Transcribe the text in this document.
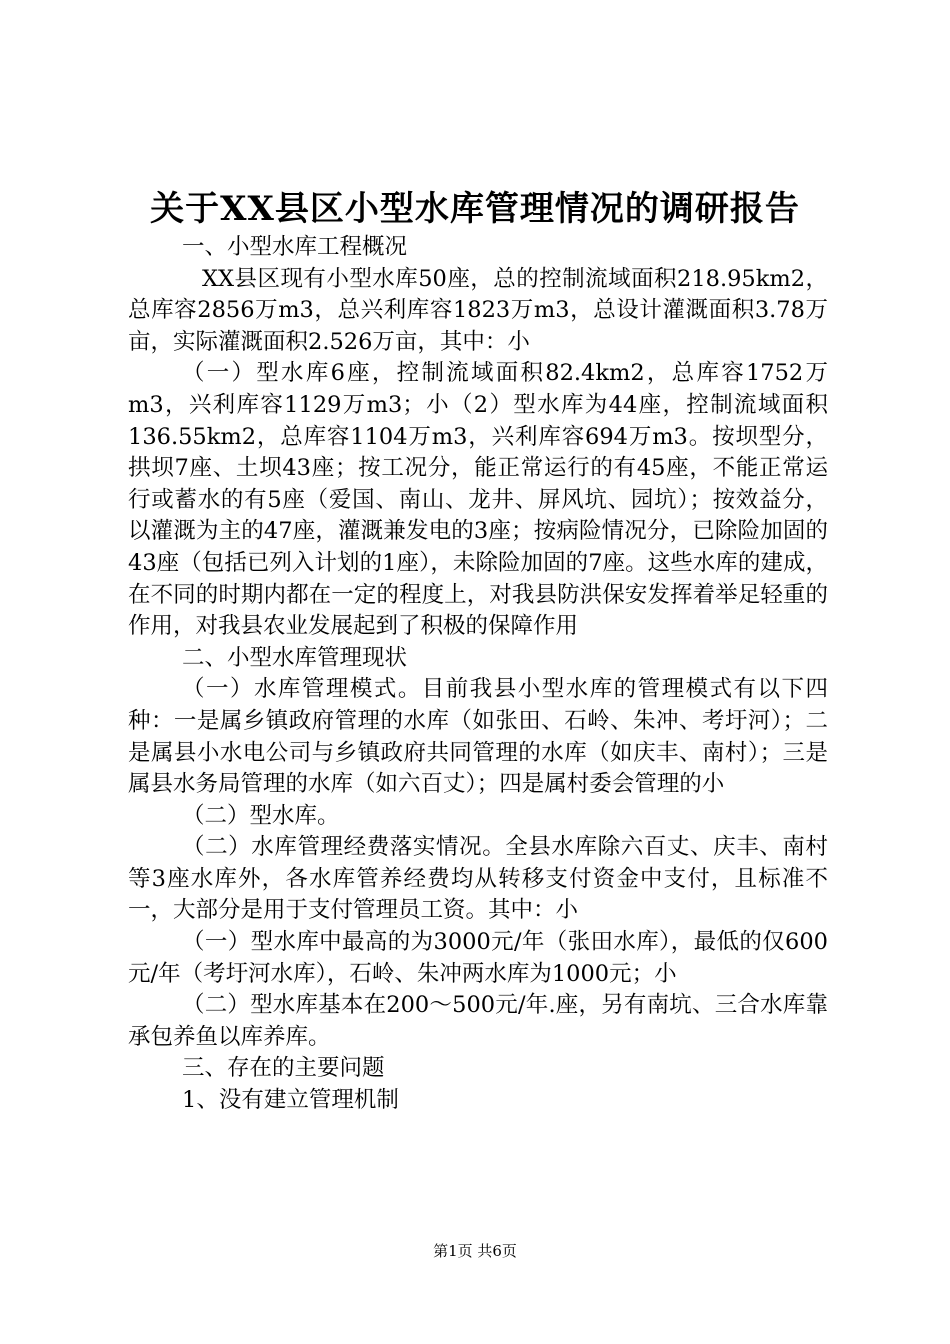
关于XX县区小型水库管理情况的调研报告

一、小型水库工程概况

XX县区现有小型水库50座，总的控制流域面积218.95km2，总库容2856万m3，总兴利库容1823万m3，总设计灌溉面积3.78万亩，实际灌溉面积2.526万亩，其中：小

（一）型水库6座，控制流域面积82.4km2，总库容1752万m3，兴利库容1129万m3；小（2）型水库为44座，控制流域面积136.55km2，总库容1104万m3，兴利库容694万m3。按坝型分，拱坝7座、土坝43座；按工况分，能正常运行的有45座，不能正常运行或蓄水的有5座（爱国、南山、龙井、屏风坑、园坑）；按效益分，以灌溉为主的47座，灌溉兼发电的3座；按病险情况分，已除险加固的43座（包括已列入计划的1座），未除险加固的7座。这些水库的建成，在不同的时期内都在一定的程度上，对我县防洪保安发挥着举足轻重的作用，对我县农业发展起到了积极的保障作用

二、小型水库管理现状

（一）水库管理模式。目前我县小型水库的管理模式有以下四种：一是属乡镇政府管理的水库（如张田、石岭、朱冲、考圩河）；二是属县小水电公司与乡镇政府共同管理的水库（如庆丰、南村）；三是属县水务局管理的水库（如六百丈）；四是属村委会管理的小

（二）型水库。

（二）水库管理经费落实情况。全县水库除六百丈、庆丰、南村等3座水库外，各水库管养经费均从转移支付资金中支付，且标准不一，大部分是用于支付管理员工资。其中：小

（一）型水库中最高的为3000元/年（张田水库），最低的仅600元/年（考圩河水库），石岭、朱冲两水库为1000元；小

（二）型水库基本在200～500元/年.座，另有南坑、三合水库靠承包养鱼以库养库。

三、存在的主要问题

1、没有建立管理机制

第1页 共6页
